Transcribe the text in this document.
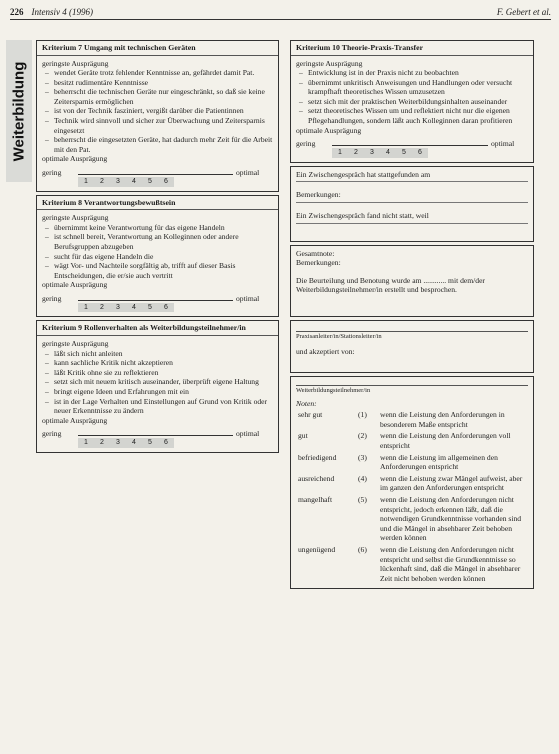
226 Intensiv 4 (1996)	F. Gebert et al.
Weiterbildung
Kriterium 7 Umgang mit technischen Geräten
geringste Ausprägung
– wendet Geräte trotz fehlender Kenntnisse an, gefährdet damit Pat.
– besitzt rudimentäre Kenntnisse
– beherrscht die technischen Geräte nur eingeschränkt, so daß sie keine Zeitersparnis ermöglichen
– ist von der Technik fasziniert, vergißt darüber die Patientinnen
– Technik wird sinnvoll und sicher zur Überwachung und Zeitersparnis eingesetzt
– beherrscht die eingesetzten Geräte, hat dadurch mehr Zeit für die Arbeit mit den Pat.
optimale Ausprägung
gering
1 2 3 4 5 6
optimal
Kriterium 8 Verantwortungsbewußtsein
geringste Ausprägung
– übernimmt keine Verantwortung für das eigene Handeln
– ist schnell bereit, Verantwortung an Kolleginnen oder andere Berufsgruppen abzugeben
– sucht für das eigene Handeln die
– wägt Vor- und Nachteile sorgfältig ab, trifft auf dieser Basis Entscheidungen, die er/sie auch vertritt
optimale Ausprägung
gering
1 2 3 4 5 6
optimal
Kriterium 9 Rollenverhalten als Weiterbildungsteilnehmer/in
geringste Ausprägung
– läßt sich nicht anleiten
– kann sachliche Kritik nicht akzeptieren
– läßt Kritik ohne sie zu reflektieren
– setzt sich mit neuem kritisch auseinander, überprüft eigene Haltung
– bringt eigene Ideen und Erfahrungen mit ein
– ist in der Lage Verhalten und Einstellungen auf Grund von Kritik oder neuer Erkenntnisse zu ändern
optimale Ausprägung
gering
1 2 3 4 5 6
optimal
Kriterium 10 Theorie-Praxis-Transfer
geringste Ausprägung
– Entwicklung ist in der Praxis nicht zu beobachten
– übernimmt unkritisch Anweisungen und Handlungen oder versucht krampfhaft theoretisches Wissen umzusetzen
– setzt sich mit der praktischen Weiterbildungsinhalten auseinander
– setzt theoretisches Wissen um und reflektiert nicht nur die eigenen Pflegehandlungen, sondern läßt auch Kolleginnen daran profitieren
optimale Ausprägung
gering
1 2 3 4 5 6
optimal
Ein Zwischengespräch hat stattgefunden am
Bemerkungen:
Ein Zwischengespräch fand nicht statt, weil
Gesamtnote:
Bemerkungen:
Die Beurteilung und Benotung wurde am ............ mit dem/der Weiterbildungsteilnehmer/in erstellt und besprochen.
Praxisanleiter/in/Stationsleiter/in
und akzeptiert von:
Weiterbildungsteilnehmer/in
Noten:
sehr gut	(1)	wenn die Leistung den Anforderungen in besonderem Maße entspricht
gut	(2)	wenn die Leistung den Anforderungen voll entspricht
befriedigend	(3)	wenn die Leistung im allgemeinen den Anforderungen entspricht
ausreichend	(4)	wenn die Leistung zwar Mängel aufweist, aber im ganzen den Anforderungen entspricht
mangelhaft	(5)	wenn die Leistung den Anforderungen nicht entspricht, jedoch erkennen läßt, daß die notwendigen Grundkenntnisse vorhanden sind und die Mängel in absehbarer Zeit behoben werden können
ungenügend	(6)	wenn die Leistung den Anforderungen nicht entspricht und selbst die Grundkenntnisse so lückenhaft sind, daß die Mängel in absehbarer Zeit nicht behoben werden können
